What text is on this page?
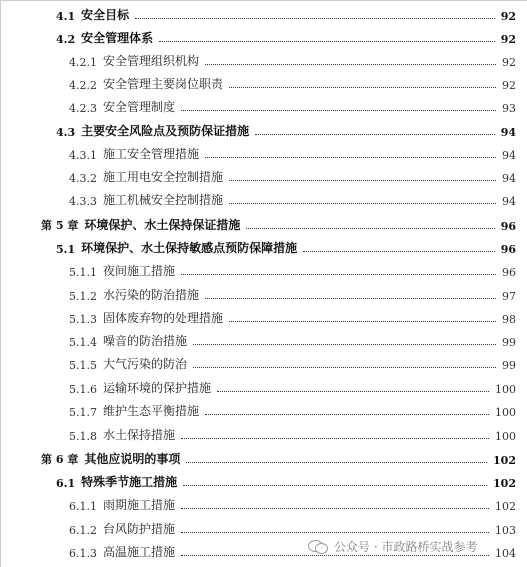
4.1 安全目标	92
4.2 安全管理体系	92
4.2.1 安全管理组织机构	92
4.2.2 安全管理主要岗位职责	92
4.2.3 安全管理制度	93
4.3 主要安全风险点及预防保证措施	94
4.3.1 施工安全管理措施	94
4.3.2 施工用电安全控制措施	94
4.3.3 施工机械安全控制措施	94
第 5 章 环境保护、水土保持保证措施	96
5.1 环境保护、水土保持敏感点预防保障措施	96
5.1.1 夜间施工措施	96
5.1.2 水污染的防治措施	97
5.1.3 固体废弃物的处理措施	98
5.1.4 噪音的防治措施	99
5.1.5 大气污染的防治	99
5.1.6 运输环境的保护措施	100
5.1.7 维护生态平衡措施	100
5.1.8 水土保持措施	100
第 6 章 其他应说明的事项	102
6.1 特殊季节施工措施	102
6.1.1 雨期施工措施	102
6.1.2 台风防护措施	103
6.1.3 高温施工措施	104
公众号 · 市政路桥实战参考
